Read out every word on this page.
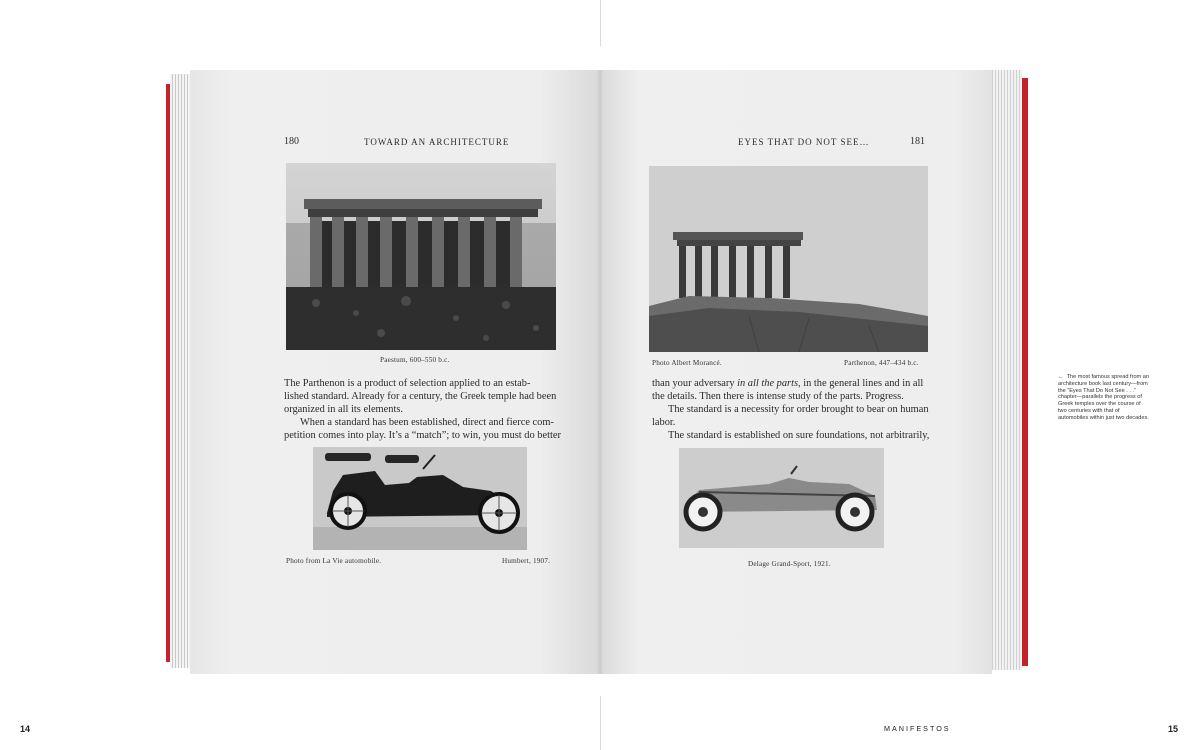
180	TOWARD AN ARCHITECTURE	EYES THAT DO NOT SEE…	181
Paestum, 600–550 b.c.
The Parthenon is a product of selection applied to an estab-
lished standard. Already for a century, the Greek temple had been
organized in all its elements.
When a standard has been established, direct and fierce com-
petition comes into play. It’s a “match”; to win, you must do better
Photo from La Vie automobile.	Humbert, 1907.
Photo Albert Morancé.	Parthenon, 447–434 b.c.
than your adversary in all the parts, in the general lines and in all
the details. Then there is intense study of the parts. Progress.
The standard is a necessity for order brought to bear on human
labor.
The standard is established on sure foundations, not arbitrarily,
Delage Grand-Sport, 1921.
← The most famous spread from an architecture book last century—from the “Eyes That Do Not See . . .” chapter—parallels the progress of Greek temples over the course of two centuries with that of automobiles within just two decades.
14	MANIFESTOS	15
